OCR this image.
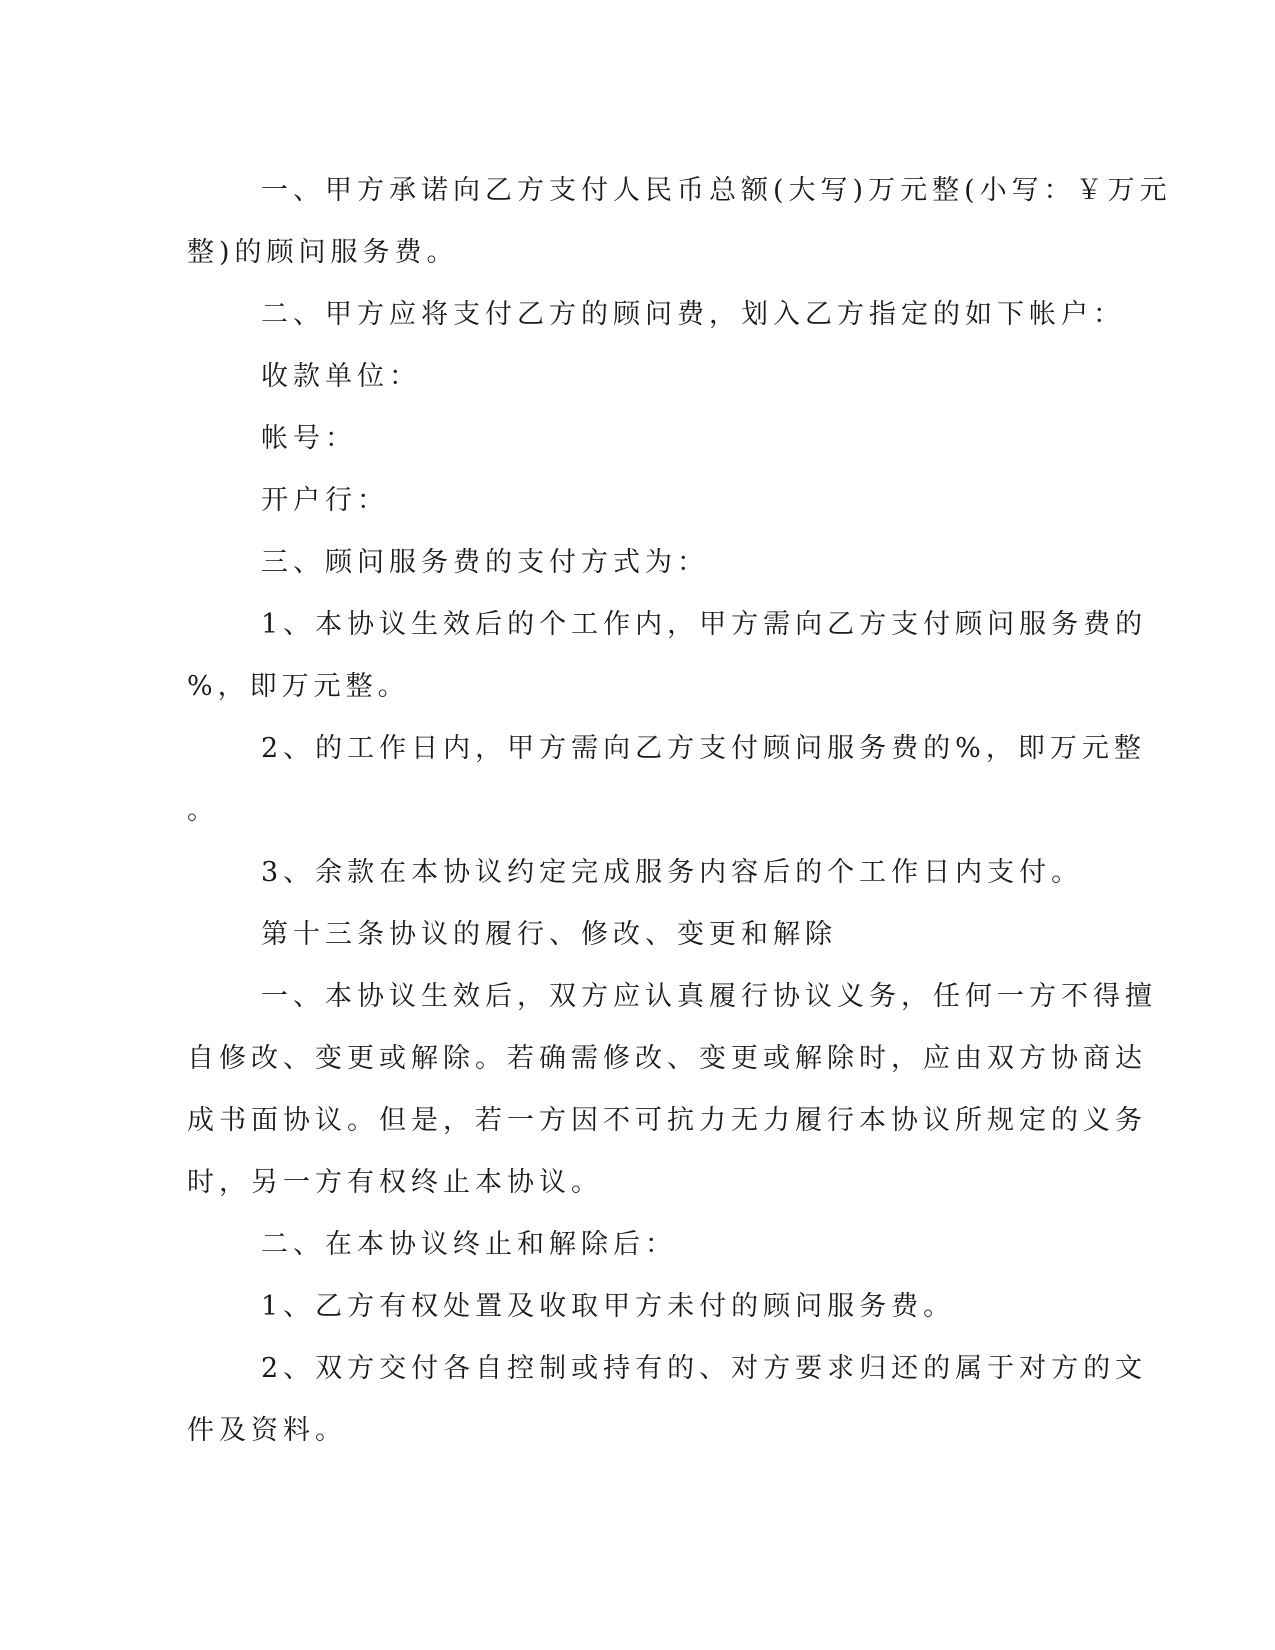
一、甲方承诺向乙方支付人民币总额(大写)万元整(小写：￥万元

整)的顾问服务费。

二、甲方应将支付乙方的顾问费，划入乙方指定的如下帐户：

收款单位：

帐号：

开户行：

三、顾问服务费的支付方式为：

1、本协议生效后的个工作内，甲方需向乙方支付顾问服务费的

%，即万元整。

2、的工作日内，甲方需向乙方支付顾问服务费的%，即万元整

。

3、余款在本协议约定完成服务内容后的个工作日内支付。

第十三条协议的履行、修改、变更和解除

一、本协议生效后，双方应认真履行协议义务，任何一方不得擅

自修改、变更或解除。若确需修改、变更或解除时，应由双方协商达

成书面协议。但是，若一方因不可抗力无力履行本协议所规定的义务

时，另一方有权终止本协议。

二、在本协议终止和解除后：

1、乙方有权处置及收取甲方未付的顾问服务费。

2、双方交付各自控制或持有的、对方要求归还的属于对方的文

件及资料。
